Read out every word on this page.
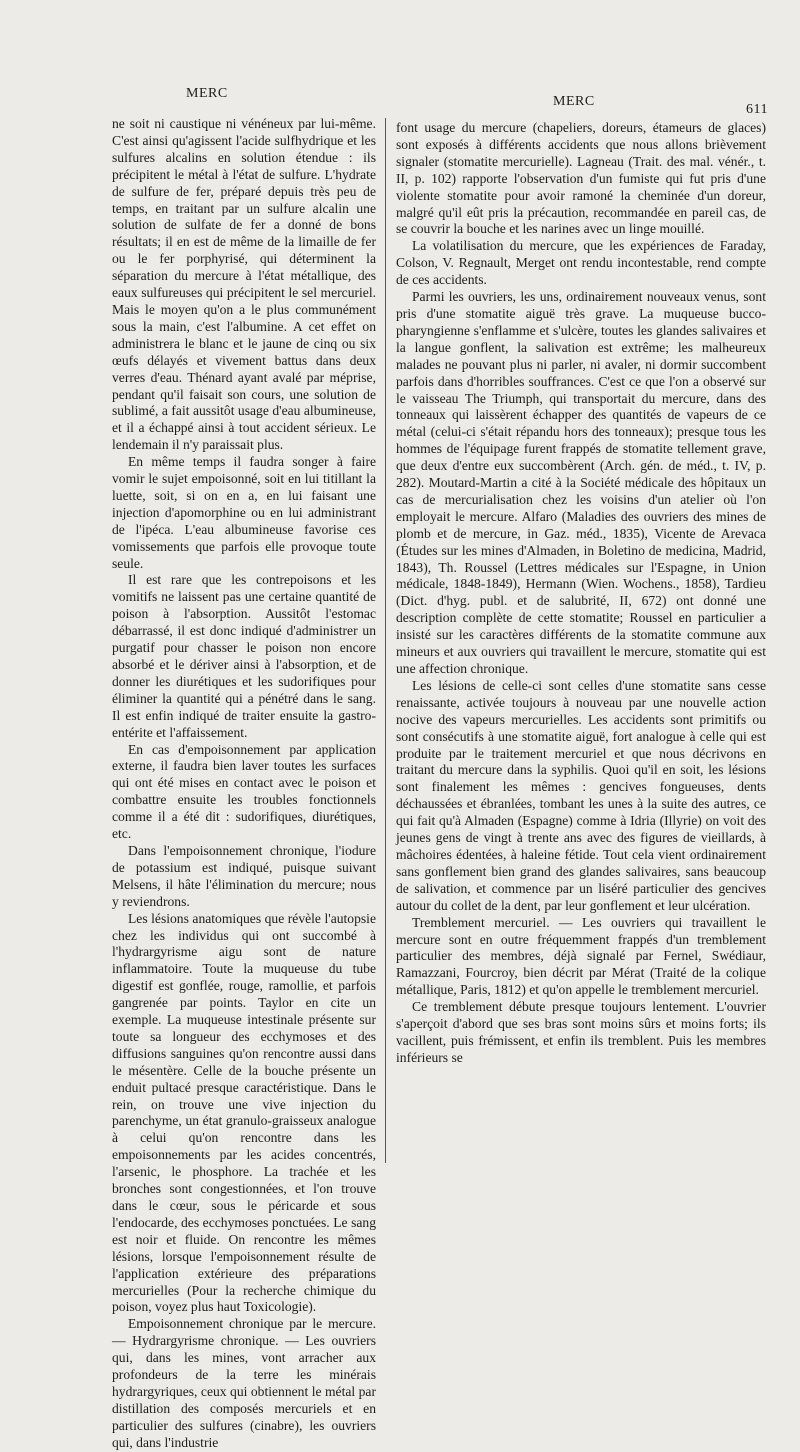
MERC
MERC
611

ne soit ni caustique ni vénéneux par lui-même. C'est ainsi qu'agissent l'acide sulfhydrique et les sulfures alcalins en solution étendue : ils précipitent le métal à l'état de sulfure. L'hydrate de sulfure de fer, préparé depuis très peu de temps, en traitant par un sulfure alcalin une solution de sulfate de fer a donné de bons résultats; il en est de même de la limaille de fer ou le fer porphyrisé, qui déterminent la séparation du mercure à l'état métallique, des eaux sulfureuses qui précipitent le sel mercuriel. Mais le moyen qu'on a le plus communément sous la main, c'est l'albumine. A cet effet on administrera le blanc et le jaune de cinq ou six œufs délayés et vivement battus dans deux verres d'eau. Thénard ayant avalé par méprise, pendant qu'il faisait son cours, une solution de sublimé, a fait aussitôt usage d'eau albumineuse, et il a échappé ainsi à tout accident sérieux. Le lendemain il n'y paraissait plus.

En même temps il faudra songer à faire vomir le sujet empoisonné, soit en lui titillant la luette, soit, si on en a, en lui faisant une injection d'apomorphine ou en lui administrant de l'ipéca. L'eau albumineuse favorise ces vomissements que parfois elle provoque toute seule.

Il est rare que les contrepoisons et les vomitifs ne laissent pas une certaine quantité de poison à l'absorption. Aussitôt l'estomac débarrassé, il est donc indiqué d'administrer un purgatif pour chasser le poison non encore absorbé et le dériver ainsi à l'absorption, et de donner les diurétiques et les sudorifiques pour éliminer la quantité qui a pénétré dans le sang. Il est enfin indiqué de traiter ensuite la gastro-entérite et l'affaissement.

En cas d'empoisonnement par application externe, il faudra bien laver toutes les surfaces qui ont été mises en contact avec le poison et combattre ensuite les troubles fonctionnels comme il a été dit : sudorifiques, diurétiques, etc.

Dans l'empoisonnement chronique, l'iodure de potassium est indiqué, puisque suivant Melsens, il hâte l'élimination du mercure; nous y reviendrons.

Les lésions anatomiques que révèle l'autopsie chez les individus qui ont succombé à l'hydrargyrisme aigu sont de nature inflammatoire. Toute la muqueuse du tube digestif est gonflée, rouge, ramollie, et parfois gangrenée par points. Taylor en cite un exemple. La muqueuse intestinale présente sur toute sa longueur des ecchymoses et des diffusions sanguines qu'on rencontre aussi dans le mésentère. Celle de la bouche présente un enduit pultacé presque caractéristique. Dans le rein, on trouve une vive injection du parenchyme, un état granulo-graisseux analogue à celui qu'on rencontre dans les empoisonnements par les acides concentrés, l'arsenic, le phosphore. La trachée et les bronches sont congestionnées, et l'on trouve dans le cœur, sous le péricarde et sous l'endocarde, des ecchymoses ponctuées. Le sang est noir et fluide. On rencontre les mêmes lésions, lorsque l'empoisonnement résulte de l'application extérieure des préparations mercurielles (Pour la recherche chimique du poison, voyez plus haut Toxicologie).

Empoisonnement chronique par le mercure. — Hydrargyrisme chronique. — Les ouvriers qui, dans les mines, vont arracher aux profondeurs de la terre les minérais hydrargyriques, ceux qui obtiennent le métal par distillation des composés mercuriels et en particulier des sulfures (cinabre), les ouvriers qui, dans l'industrie

font usage du mercure (chapeliers, doreurs, étameurs de glaces) sont exposés à différents accidents que nous allons brièvement signaler (stomatite mercurielle). Lagneau (Trait. des mal. vénér., t. II, p. 102) rapporte l'observation d'un fumiste qui fut pris d'une violente stomatite pour avoir ramoné la cheminée d'un doreur, malgré qu'il eût pris la précaution, recommandée en pareil cas, de se couvrir la bouche et les narines avec un linge mouillé.

La volatilisation du mercure, que les expériences de Faraday, Colson, V. Regnault, Merget ont rendu incontestable, rend compte de ces accidents.

Parmi les ouvriers, les uns, ordinairement nouveaux venus, sont pris d'une stomatite aiguë très grave. La muqueuse bucco-pharyngienne s'enflamme et s'ulcère, toutes les glandes salivaires et la langue gonflent, la salivation est extrême; les malheureux malades ne pouvant plus ni parler, ni avaler, ni dormir succombent parfois dans d'horribles souffrances. C'est ce que l'on a observé sur le vaisseau The Triumph, qui transportait du mercure, dans des tonneaux qui laissèrent échapper des quantités de vapeurs de ce métal (celui-ci s'était répandu hors des tonneaux); presque tous les hommes de l'équipage furent frappés de stomatite tellement grave, que deux d'entre eux succombèrent (Arch. gén. de méd., t. IV, p. 282). Moutard-Martin a cité à la Société médicale des hôpitaux un cas de mercurialisation chez les voisins d'un atelier où l'on employait le mercure. Alfaro (Maladies des ouvriers des mines de plomb et de mercure, in Gaz. méd., 1835), Vicente de Arevaca (Études sur les mines d'Almaden, in Boletino de medicina, Madrid, 1843), Th. Roussel (Lettres médicales sur l'Espagne, in Union médicale, 1848-1849), Hermann (Wien. Wochens., 1858), Tardieu (Dict. d'hyg. publ. et de salubrité, II, 672) ont donné une description complète de cette stomatite; Roussel en particulier a insisté sur les caractères différents de la stomatite commune aux mineurs et aux ouvriers qui travaillent le mercure, stomatite qui est une affection chronique.

Les lésions de celle-ci sont celles d'une stomatite sans cesse renaissante, activée toujours à nouveau par une nouvelle action nocive des vapeurs mercurielles. Les accidents sont primitifs ou sont consécutifs à une stomatite aiguë, fort analogue à celle qui est produite par le traitement mercuriel et que nous décrivons en traitant du mercure dans la syphilis. Quoi qu'il en soit, les lésions sont finalement les mêmes : gencives fongueuses, dents déchaussées et ébranlées, tombant les unes à la suite des autres, ce qui fait qu'à Almaden (Espagne) comme à Idria (Illyrie) on voit des jeunes gens de vingt à trente ans avec des figures de vieillards, à mâchoires édentées, à haleine fétide. Tout cela vient ordinairement sans gonflement bien grand des glandes salivaires, sans beaucoup de salivation, et commence par un liséré particulier des gencives autour du collet de la dent, par leur gonflement et leur ulcération.

Tremblement mercuriel. — Les ouvriers qui travaillent le mercure sont en outre fréquemment frappés d'un tremblement particulier des membres, déjà signalé par Fernel, Swédiaur, Ramazzani, Fourcroy, bien décrit par Mérat (Traité de la colique métallique, Paris, 1812) et qu'on appelle le tremblement mercuriel.

Ce tremblement débute presque toujours lentement. L'ouvrier s'aperçoit d'abord que ses bras sont moins sûrs et moins forts; ils vacillent, puis frémissent, et enfin ils tremblent. Puis les membres inférieurs se
